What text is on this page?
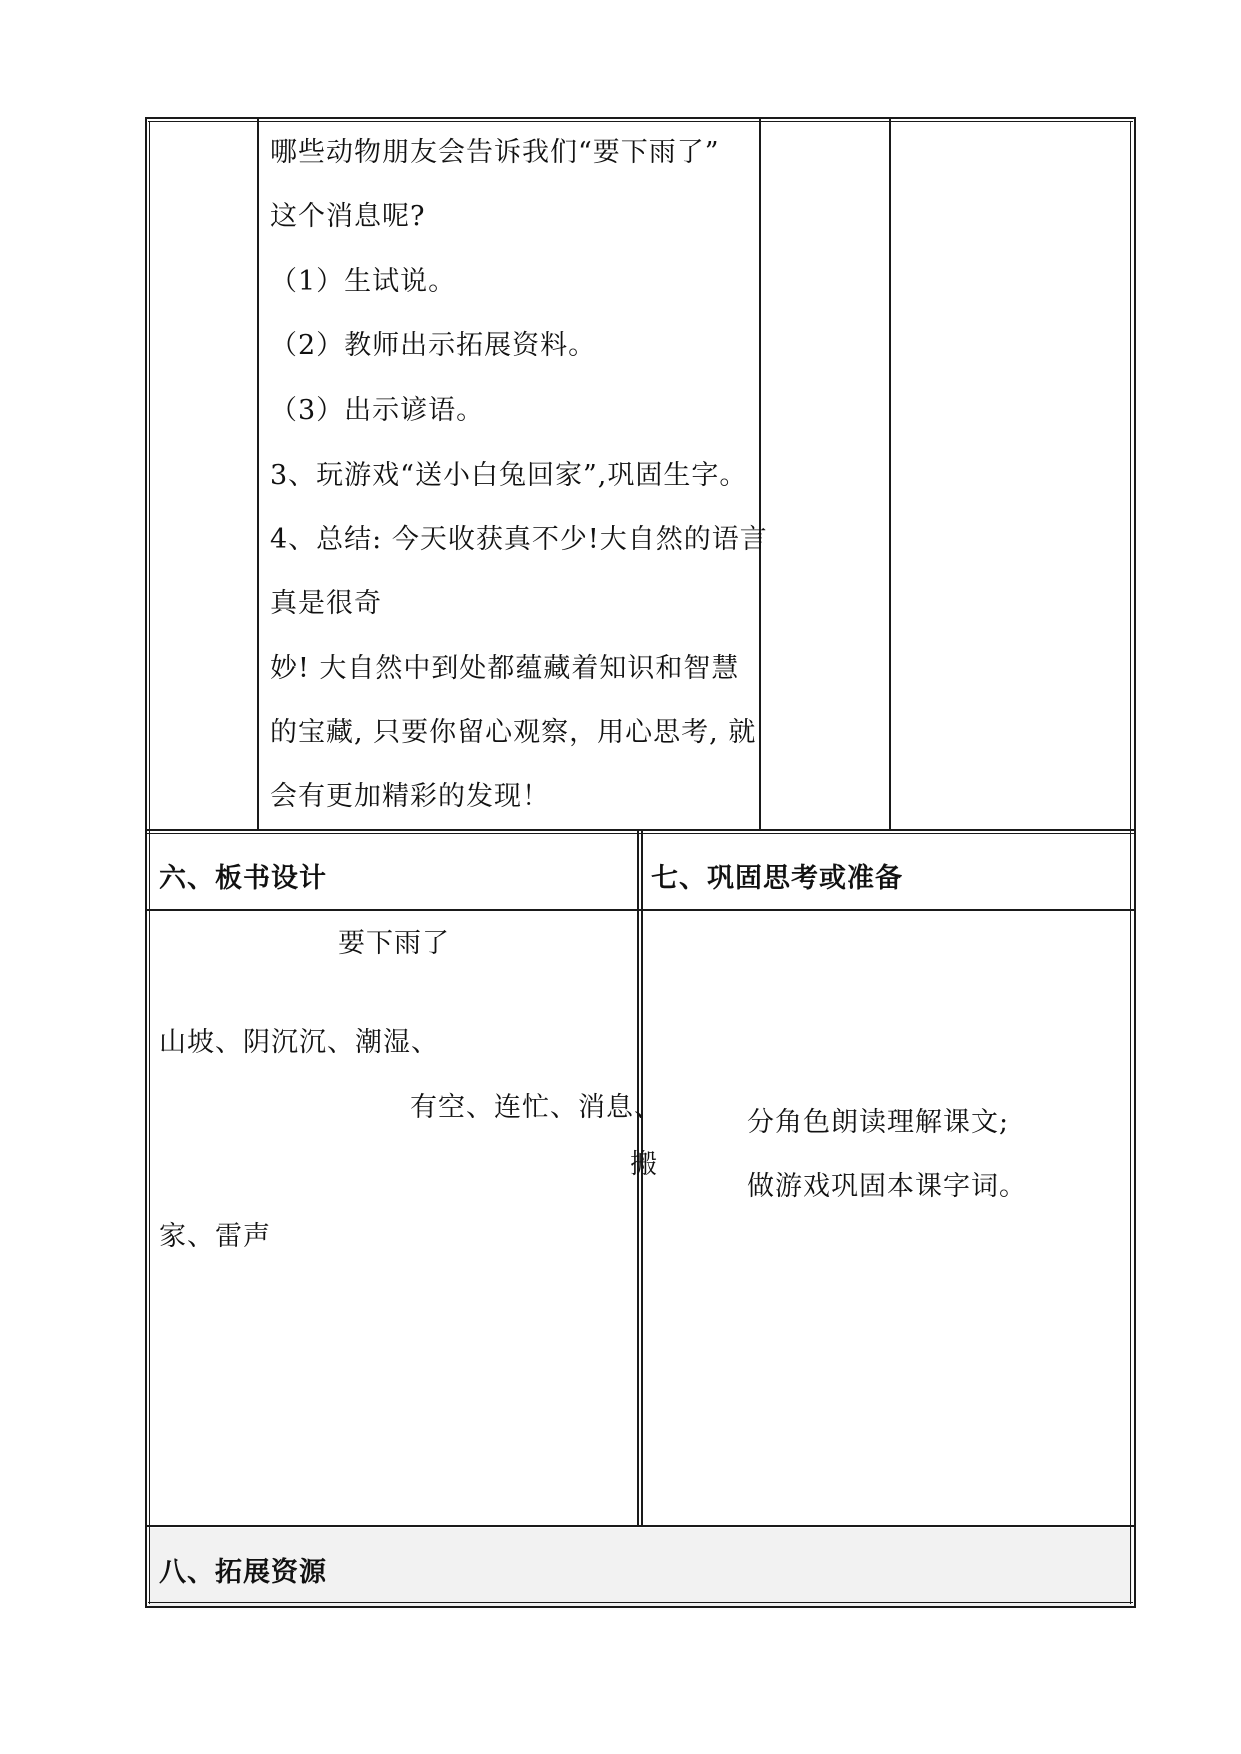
哪些动物朋友会告诉我们“要下雨了”
这个消息呢?
（1）生试说。
（2）教师出示拓展资料。
（3）出示谚语。
3、玩游戏“送小白兔回家”,巩固生字。
4、总结: 今天收获真不少!大自然的语言
真是很奇
妙! 大自然中到处都蕴藏着知识和智慧
的宝藏, 只要你留心观察，用心思考, 就
会有更加精彩的发现！
六、板书设计	七、巩固思考或准备
八、拓展资源
要下雨了
山坡、阴沉沉、潮湿、
有空、连忙、消息、
搬
家、雷声
分角色朗读理解课文;
做游戏巩固本课字词。
